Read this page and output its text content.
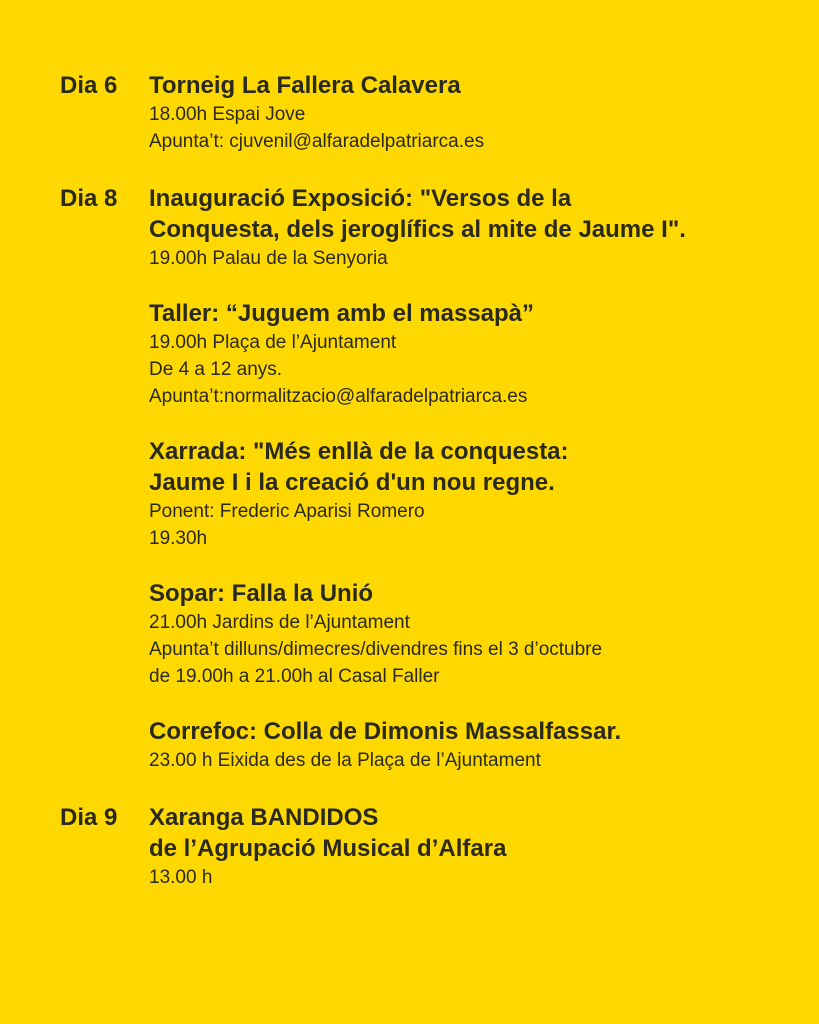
Dia 6	Torneig La Fallera Calavera

18.00h Espai Jove

Apunta’t: cjuvenil@alfaradelpatriarca.es

Dia 8	Inauguració Exposició: "Versos de la

Conquesta, dels jeroglífics al mite de Jaume I".

19.00h Palau de la Senyoria

Taller: “Juguem amb el massapà”

19.00h Plaça de l’Ajuntament

De 4 a 12 anys.

Apunta’t:normalitzacio@alfaradelpatriarca.es

Xarrada: "Més enllà de la conquesta:

Jaume I i la creació d'un nou regne.

Ponent: Frederic Aparisi Romero

19.30h

Sopar: Falla la Unió

21.00h Jardins de l’Ajuntament

Apunta’t dilluns/dimecres/divendres fins el 3 d’octubre

de 19.00h a 21.00h al Casal Faller

Correfoc: Colla de Dimonis Massalfassar.

23.00 h Eixida des de la Plaça de l’Ajuntament

Dia 9	Xaranga BANDIDOS

de l’Agrupació Musical d’Alfara

13.00 h
